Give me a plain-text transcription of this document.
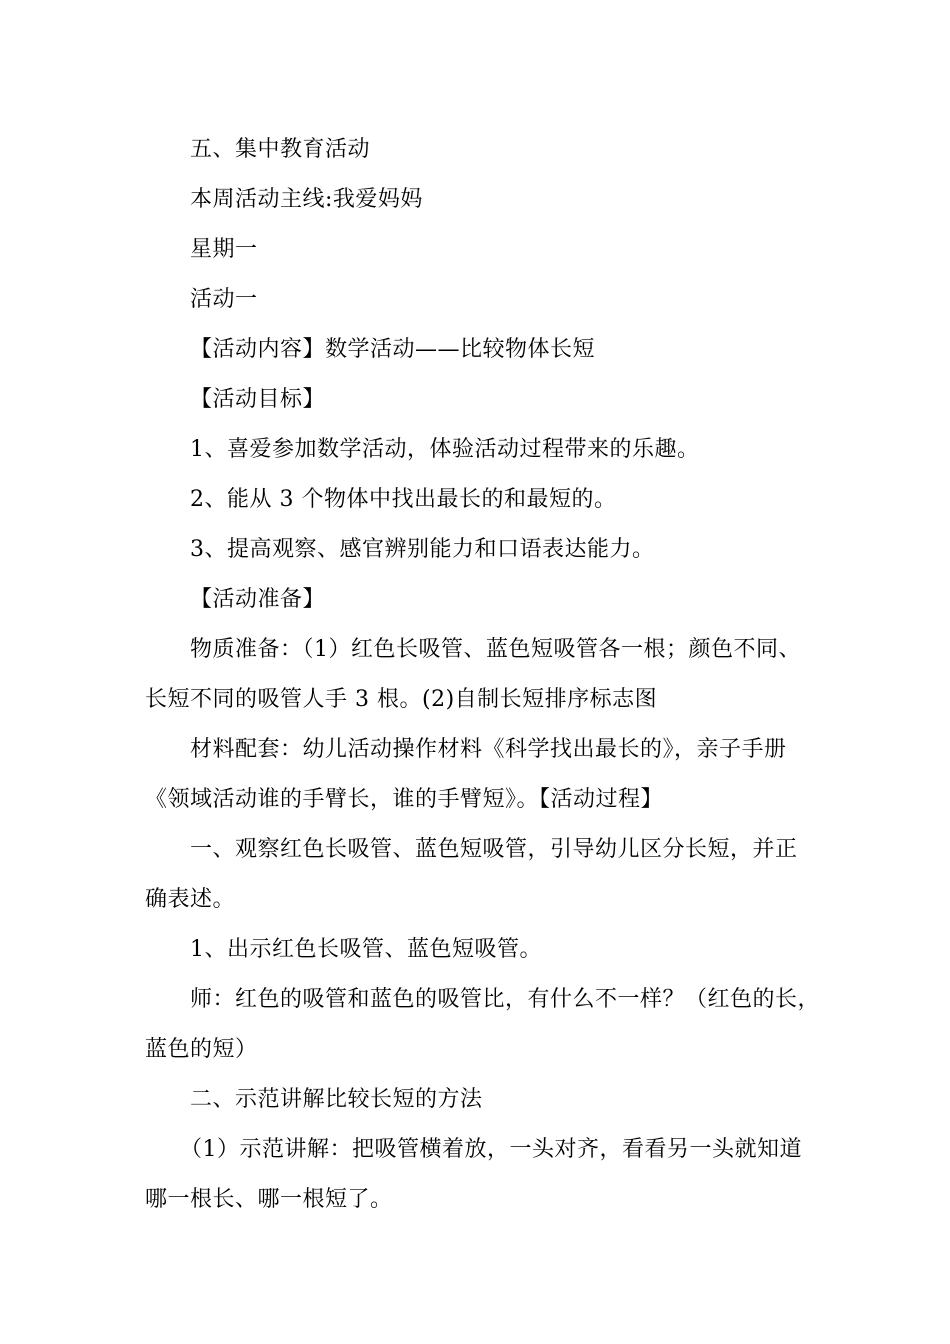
五、集中教育活动
本周活动主线:我爱妈妈
星期一
活动一
【活动内容】数学活动——比较物体长短
【活动目标】
1、喜爱参加数学活动，体验活动过程带来的乐趣。
2、能从 3 个物体中找出最长的和最短的。
3、提高观察、感官辨别能力和口语表达能力。
【活动准备】
物质准备：（1）红色长吸管、蓝色短吸管各一根；颜色不同、
长短不同的吸管人手 3 根。(2)自制长短排序标志图
材料配套：幼儿活动操作材料《科学找出最长的》，亲子手册
《领域活动谁的手臂长，谁的手臂短》。【活动过程】
一、观察红色长吸管、蓝色短吸管，引导幼儿区分长短，并正
确表述。
1、出示红色长吸管、蓝色短吸管。
师：红色的吸管和蓝色的吸管比，有什么不一样？（红色的长，
蓝色的短）
二、示范讲解比较长短的方法
（1）示范讲解：把吸管横着放，一头对齐，看看另一头就知道
哪一根长、哪一根短了。
